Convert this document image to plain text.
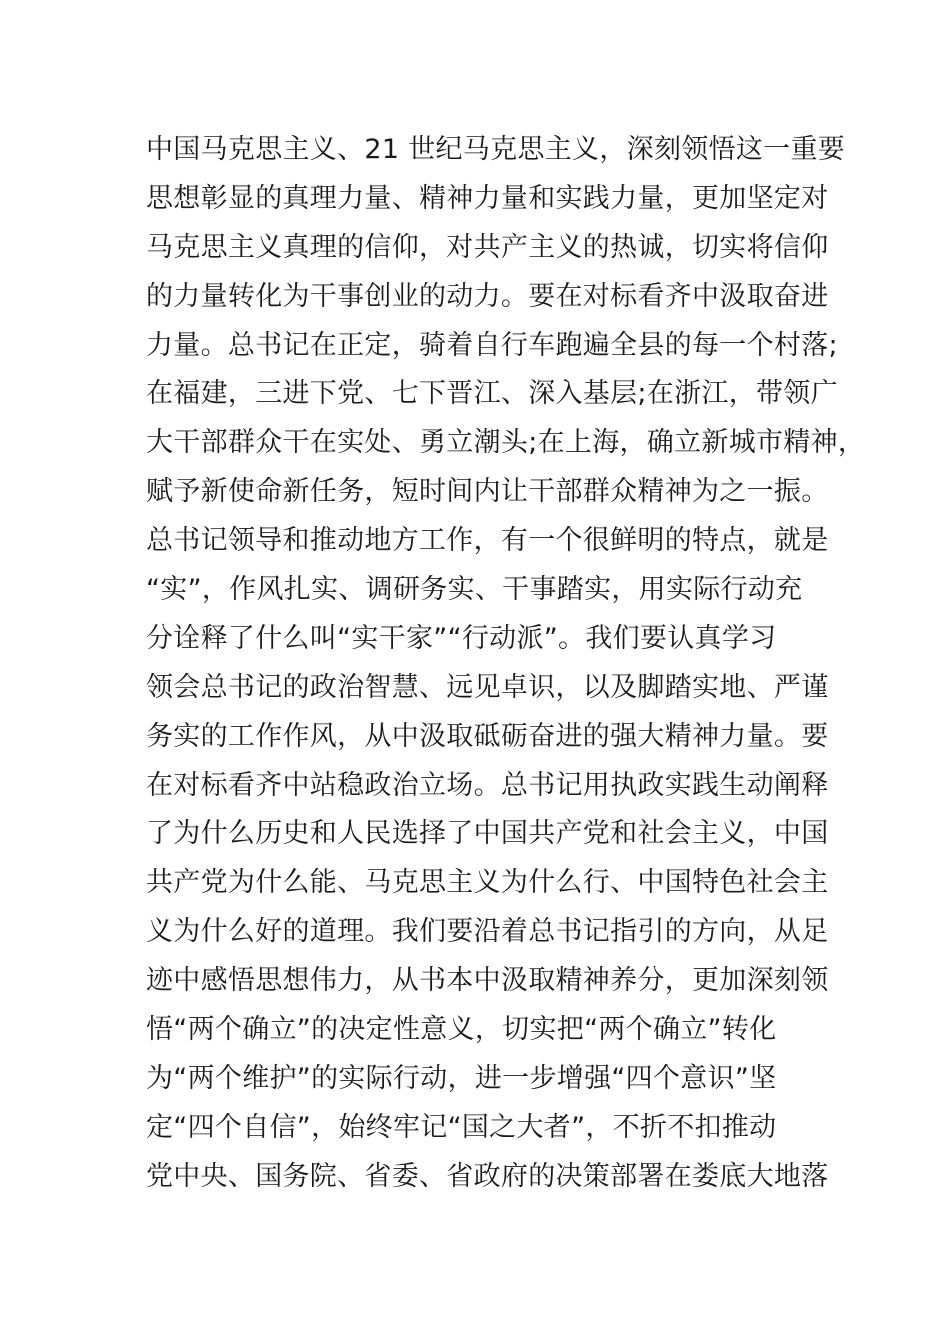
中国马克思主义、21 世纪马克思主义，深刻领悟这一重要
思想彰显的真理力量、精神力量和实践力量，更加坚定对
马克思主义真理的信仰，对共产主义的热诚，切实将信仰
的力量转化为干事创业的动力。要在对标看齐中汲取奋进
力量。总书记在正定，骑着自行车跑遍全县的每一个村落;
在福建，三进下党、七下晋江、深入基层;在浙江，带领广
大干部群众干在实处、勇立潮头;在上海，确立新城市精神，
赋予新使命新任务，短时间内让干部群众精神为之一振。
总书记领导和推动地方工作，有一个很鲜明的特点，就是
“实”，作风扎实、调研务实、干事踏实，用实际行动充
分诠释了什么叫“实干家”“行动派”。我们要认真学习
领会总书记的政治智慧、远见卓识，以及脚踏实地、严谨
务实的工作作风，从中汲取砥砺奋进的强大精神力量。要
在对标看齐中站稳政治立场。总书记用执政实践生动阐释
了为什么历史和人民选择了中国共产党和社会主义，中国
共产党为什么能、马克思主义为什么行、中国特色社会主
义为什么好的道理。我们要沿着总书记指引的方向，从足
迹中感悟思想伟力，从书本中汲取精神养分，更加深刻领
悟“两个确立”的决定性意义，切实把“两个确立”转化
为“两个维护”的实际行动，进一步增强“四个意识”坚
定“四个自信”，始终牢记“国之大者”，不折不扣推动
党中央、国务院、省委、省政府的决策部署在娄底大地落
